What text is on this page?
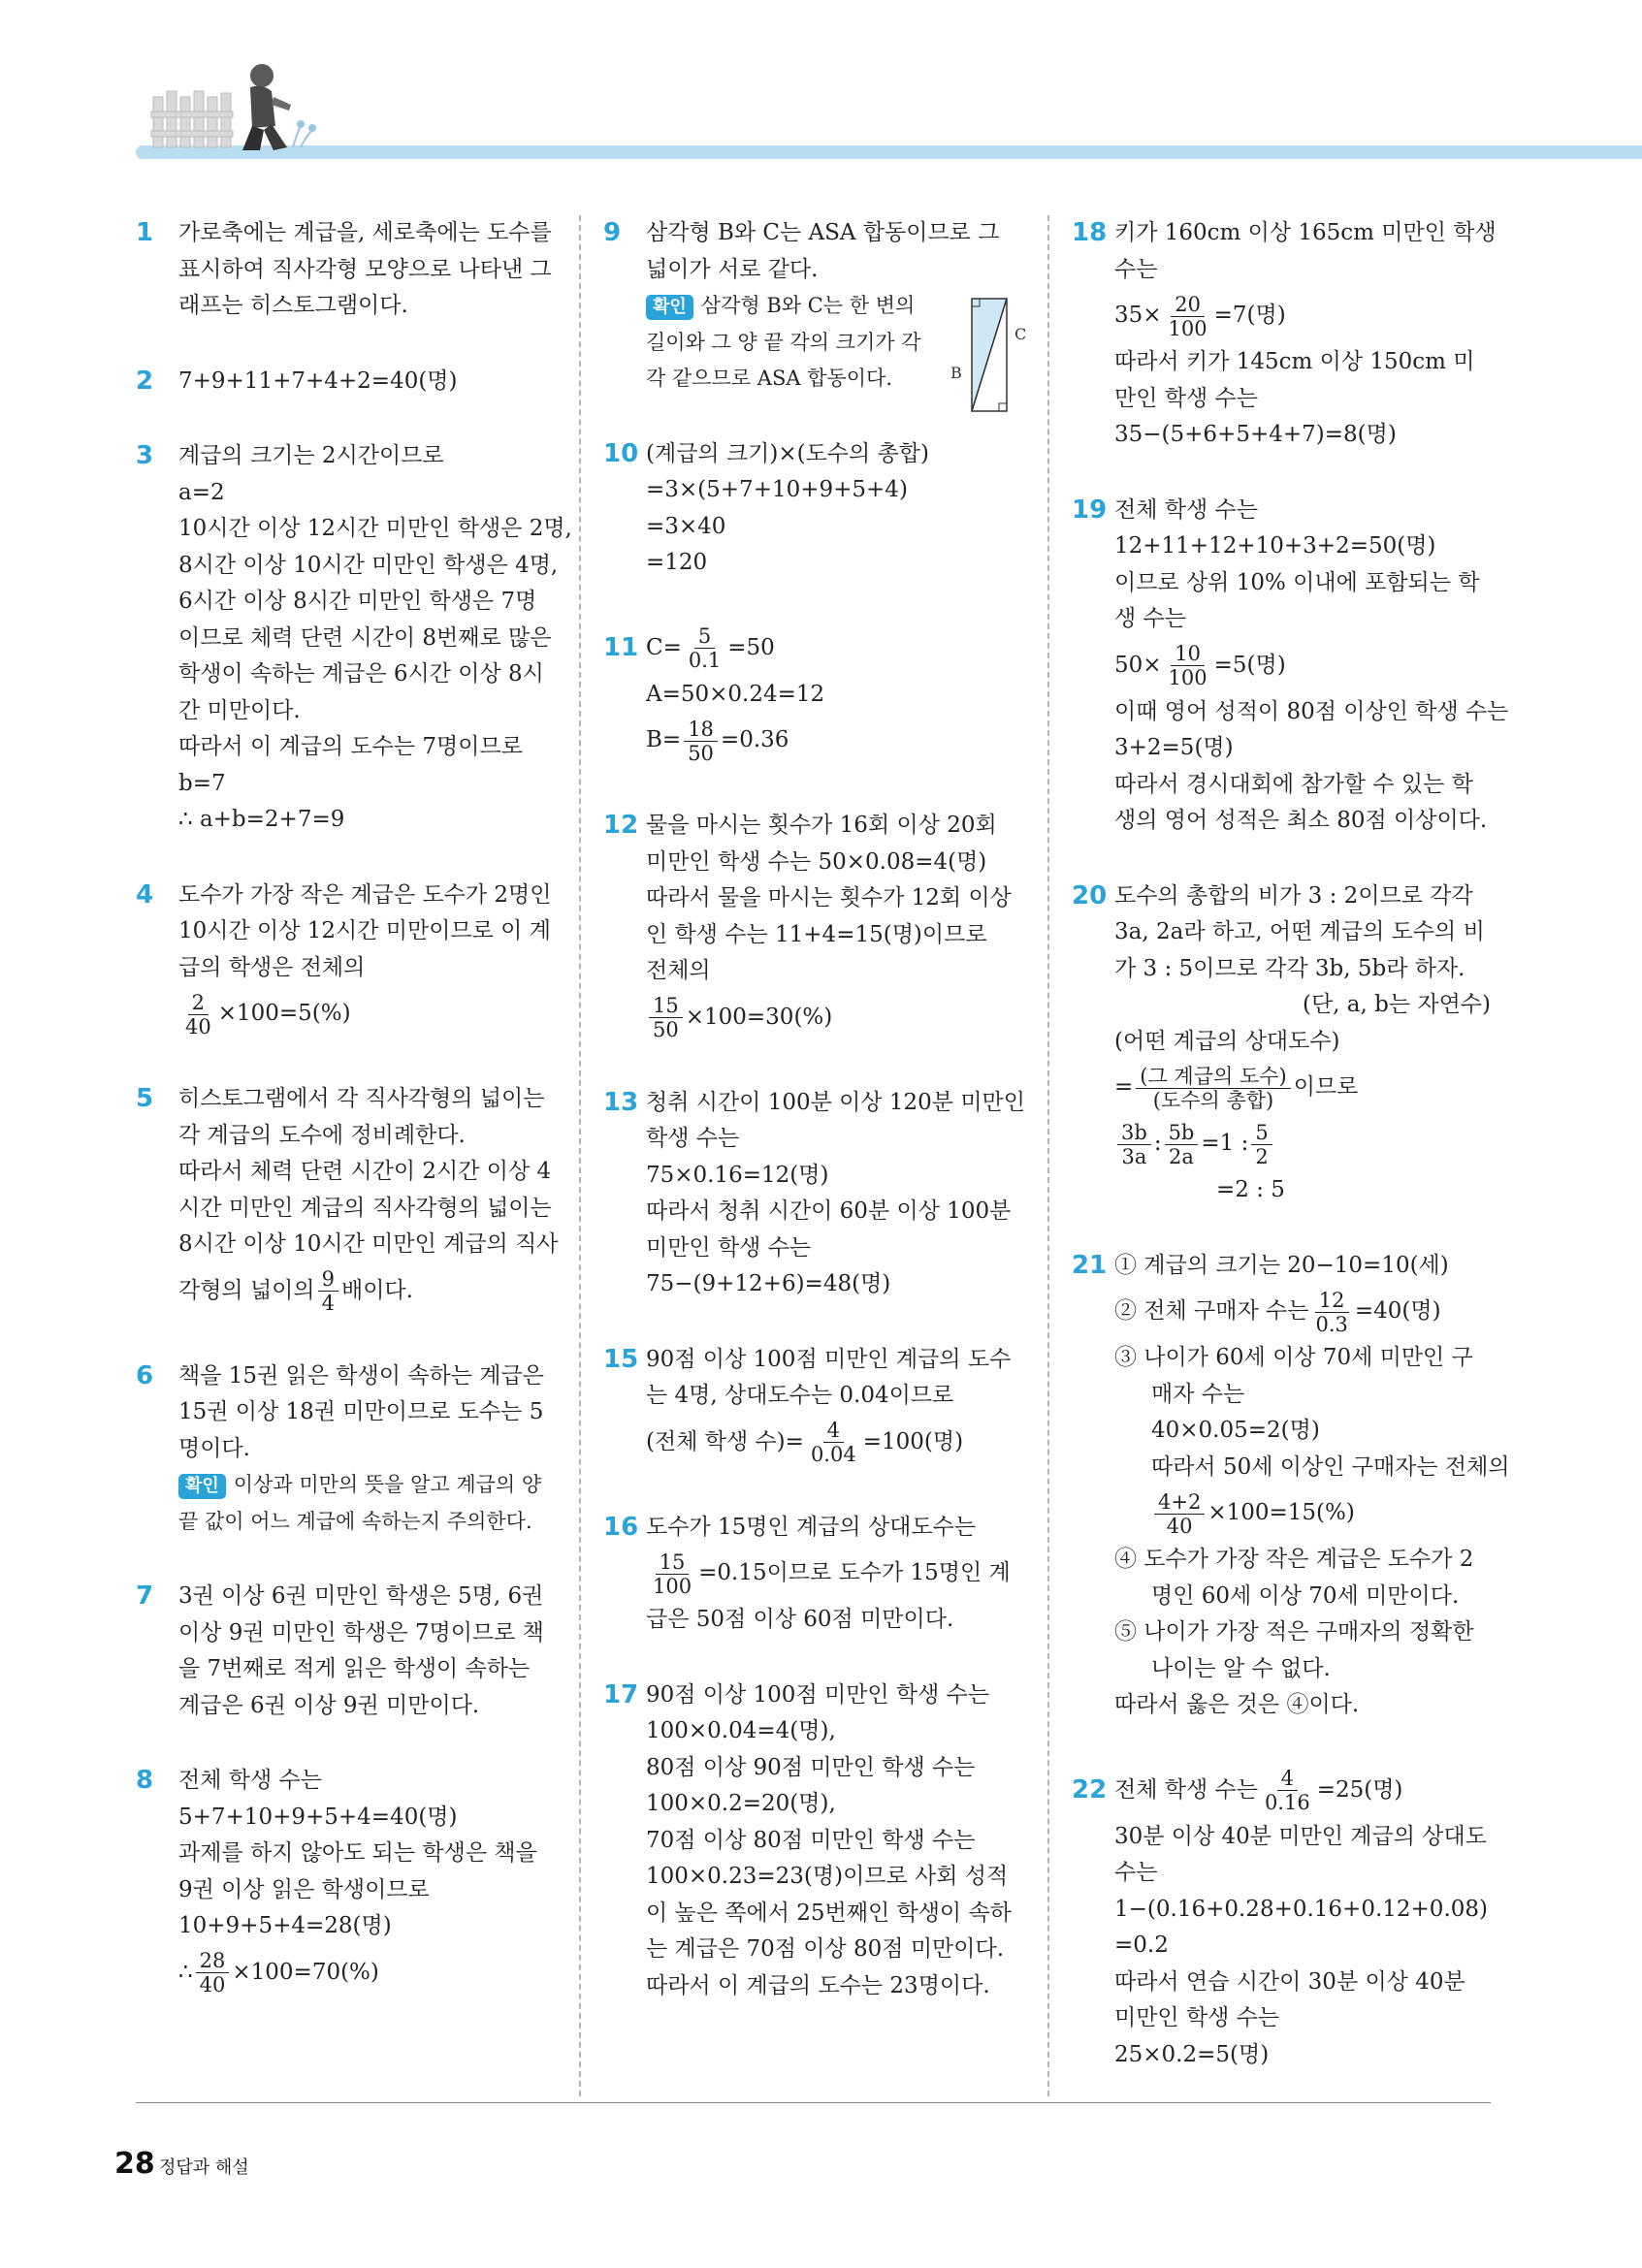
1 가로축에는 계급을, 세로축에는 도수를
표시하여 직사각형 모양으로 나타낸 그
래프는 히스토그램이다.
2 7+9+11+7+4+2=40(명)
3 계급의 크기는 2시간이므로
a=2
10시간 이상 12시간 미만인 학생은 2명,
8시간 이상 10시간 미만인 학생은 4명,
6시간 이상 8시간 미만인 학생은 7명
이므로 체력 단련 시간이 8번째로 많은
학생이 속하는 계급은 6시간 이상 8시
간 미만이다.
따라서 이 계급의 도수는 7명이므로
b=7
∴ a+b=2+7=9
4 도수가 가장 작은 계급은 도수가 2명인
10시간 이상 12시간 미만이므로 이 계
급의 학생은 전체의
$\frac{2}{40} \times 100=5(\%)$
5 히스토그램에서 각 직사각형의 넓이는
각 계급의 도수에 정비례한다.
따라서 체력 단련 시간이 2시간 이상 4
시간 미만인 계급의 직사각형의 넓이는
8시간 이상 10시간 미만인 계급의 직사
각형의 넓이의 $\frac{9}{4}$ 배이다.
6 책을 15권 읽은 학생이 속하는 계급은
15권 이상 18권 미만이므로 도수는 5
명이다.
확인 이상과 미만의 뜻을 알고 계급의 양
끝 값이 어느 계급에 속하는지 주의한다.
7 3권 이상 6권 미만인 학생은 5명, 6권
이상 9권 미만인 학생은 7명이므로 책
을 7번째로 적게 읽은 학생이 속하는
계급은 6권 이상 9권 미만이다.
8 전체 학생 수는
5+7+10+9+5+4=40(명)
과제를 하지 않아도 되는 학생은 책을
9권 이상 읽은 학생이므로
10+9+5+4=28(명)
∴ $\frac{28}{40} \times 100=70(\%)$
9 삼각형 B와 C는 ASA 합동이므로 그
넓이가 서로 같다.
확인 삼각형 B와 C는 한 변의
길이와 그 양 끝 각의 크기가 각
각 같으므로 ASA 합동이다.
C
B
10 (계급의 크기)×(도수의 총합)
=3×(5+7+10+9+5+4)
=3×40
=120
11 $C= \frac{5}{0.1} =50$
A=50×0.24=12
$B= \frac{18}{50} =0.36$
12 물을 마시는 횟수가 16회 이상 20회
미만인 학생 수는 50×0.08=4(명)
따라서 물을 마시는 횟수가 12회 이상
인 학생 수는 11+4=15(명)이므로
전체의
$\frac{15}{50} \times 100=30(\%)$
13 청취 시간이 100분 이상 120분 미만인
학생 수는
75×0.16=12(명)
따라서 청취 시간이 60분 이상 100분
미만인 학생 수는
75−(9+12+6)=48(명)
15 90점 이상 100점 미만인 계급의 도수
는 4명, 상대도수는 0.04이므로
(전체 학생 수)= $\frac{4}{0.04} =100$(명)
16 도수가 15명인 계급의 상대도수는
$\frac{15}{100} =0.15$이므로 도수가 15명인 계
급은 50점 이상 60점 미만이다.
17 90점 이상 100점 미만인 학생 수는
100×0.04=4(명),
80점 이상 90점 미만인 학생 수는
100×0.2=20(명),
70점 이상 80점 미만인 학생 수는
100×0.23=23(명)이므로 사회 성적
이 높은 쪽에서 25번째인 학생이 속하
는 계급은 70점 이상 80점 미만이다.
따라서 이 계급의 도수는 23명이다.
18 키가 160cm 이상 165cm 미만인 학생
수는
$35\times \frac{20}{100} =7$(명)
따라서 키가 145cm 이상 150cm 미
만인 학생 수는
35−(5+6+5+4+7)=8(명)
19 전체 학생 수는
12+11+12+10+3+2=50(명)
이므로 상위 10% 이내에 포함되는 학
생 수는
$50\times \frac{10}{100} =5$(명)
이때 영어 성적이 80점 이상인 학생 수는
3+2=5(명)
따라서 경시대회에 참가할 수 있는 학
생의 영어 성적은 최소 80점 이상이다.
20 도수의 총합의 비가 3 : 2이므로 각각
3a, 2a라 하고, 어떤 계급의 도수의 비
가 3 : 5이므로 각각 3b, 5b라 하자.
(단, a, b는 자연수)
(어떤 계급의 상대도수)
= $\frac{\text{(그 계급의 도수)}}{\text{(도수의 총합)}}$ 이므로
$\frac{3b}{3a}$ : $\frac{5b}{2a} =1$ : $\frac{5}{2}$
=2 : 5
21 ① 계급의 크기는 20−10=10(세)
② 전체 구매자 수는 $\frac{12}{0.3} =40$(명)
③ 나이가 60세 이상 70세 미만인 구
매자 수는
40×0.05=2(명)
따라서 50세 이상인 구매자는 전체의
$\frac{4+2}{40} \times 100=15(\%)$
④ 도수가 가장 작은 계급은 도수가 2
명인 60세 이상 70세 미만이다.
⑤ 나이가 가장 적은 구매자의 정확한
나이는 알 수 없다.
따라서 옳은 것은 ④이다.
22 전체 학생 수는 $\frac{4}{0.16} =25$(명)
30분 이상 40분 미만인 계급의 상대도
수는
1−(0.16+0.28+0.16+0.12+0.08)
=0.2
따라서 연습 시간이 30분 이상 40분
미만인 학생 수는
25×0.2=5(명)
28 정답과 해설
